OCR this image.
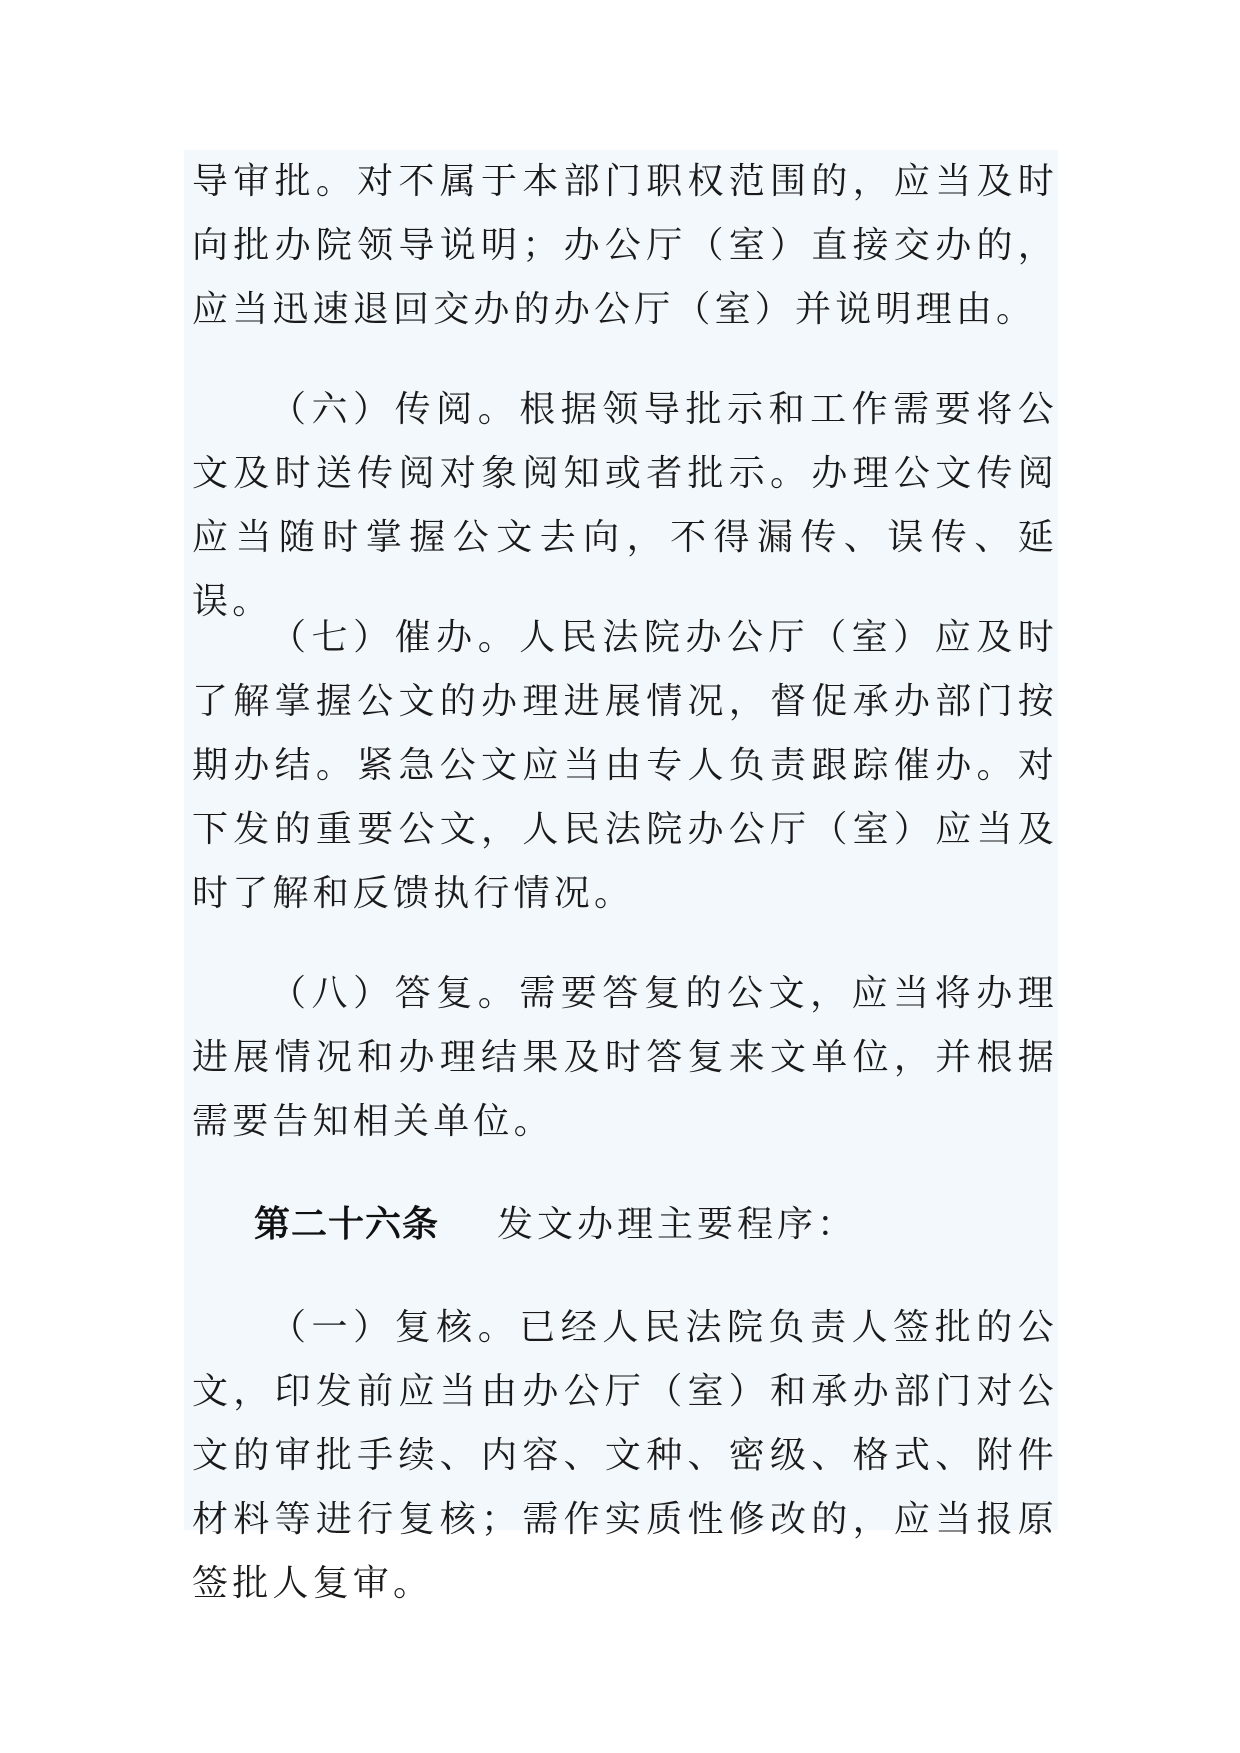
导审批。对不属于本部门职权范围的，应当及时向批办院领导说明；办公厅（室）直接交办的，应当迅速退回交办的办公厅（室）并说明理由。

（六）传阅。根据领导批示和工作需要将公文及时送传阅对象阅知或者批示。办理公文传阅应当随时掌握公文去向，不得漏传、误传、延误。

（七）催办。人民法院办公厅（室）应及时了解掌握公文的办理进展情况，督促承办部门按期办结。紧急公文应当由专人负责跟踪催办。对下发的重要公文，人民法院办公厅（室）应当及时了解和反馈执行情况。

（八）答复。需要答复的公文，应当将办理进展情况和办理结果及时答复来文单位，并根据需要告知相关单位。

第二十六条 发文办理主要程序：

（一）复核。已经人民法院负责人签批的公文，印发前应当由办公厅（室）和承办部门对公文的审批手续、内容、文种、密级、格式、附件材料等进行复核；需作实质性修改的，应当报原签批人复审。
